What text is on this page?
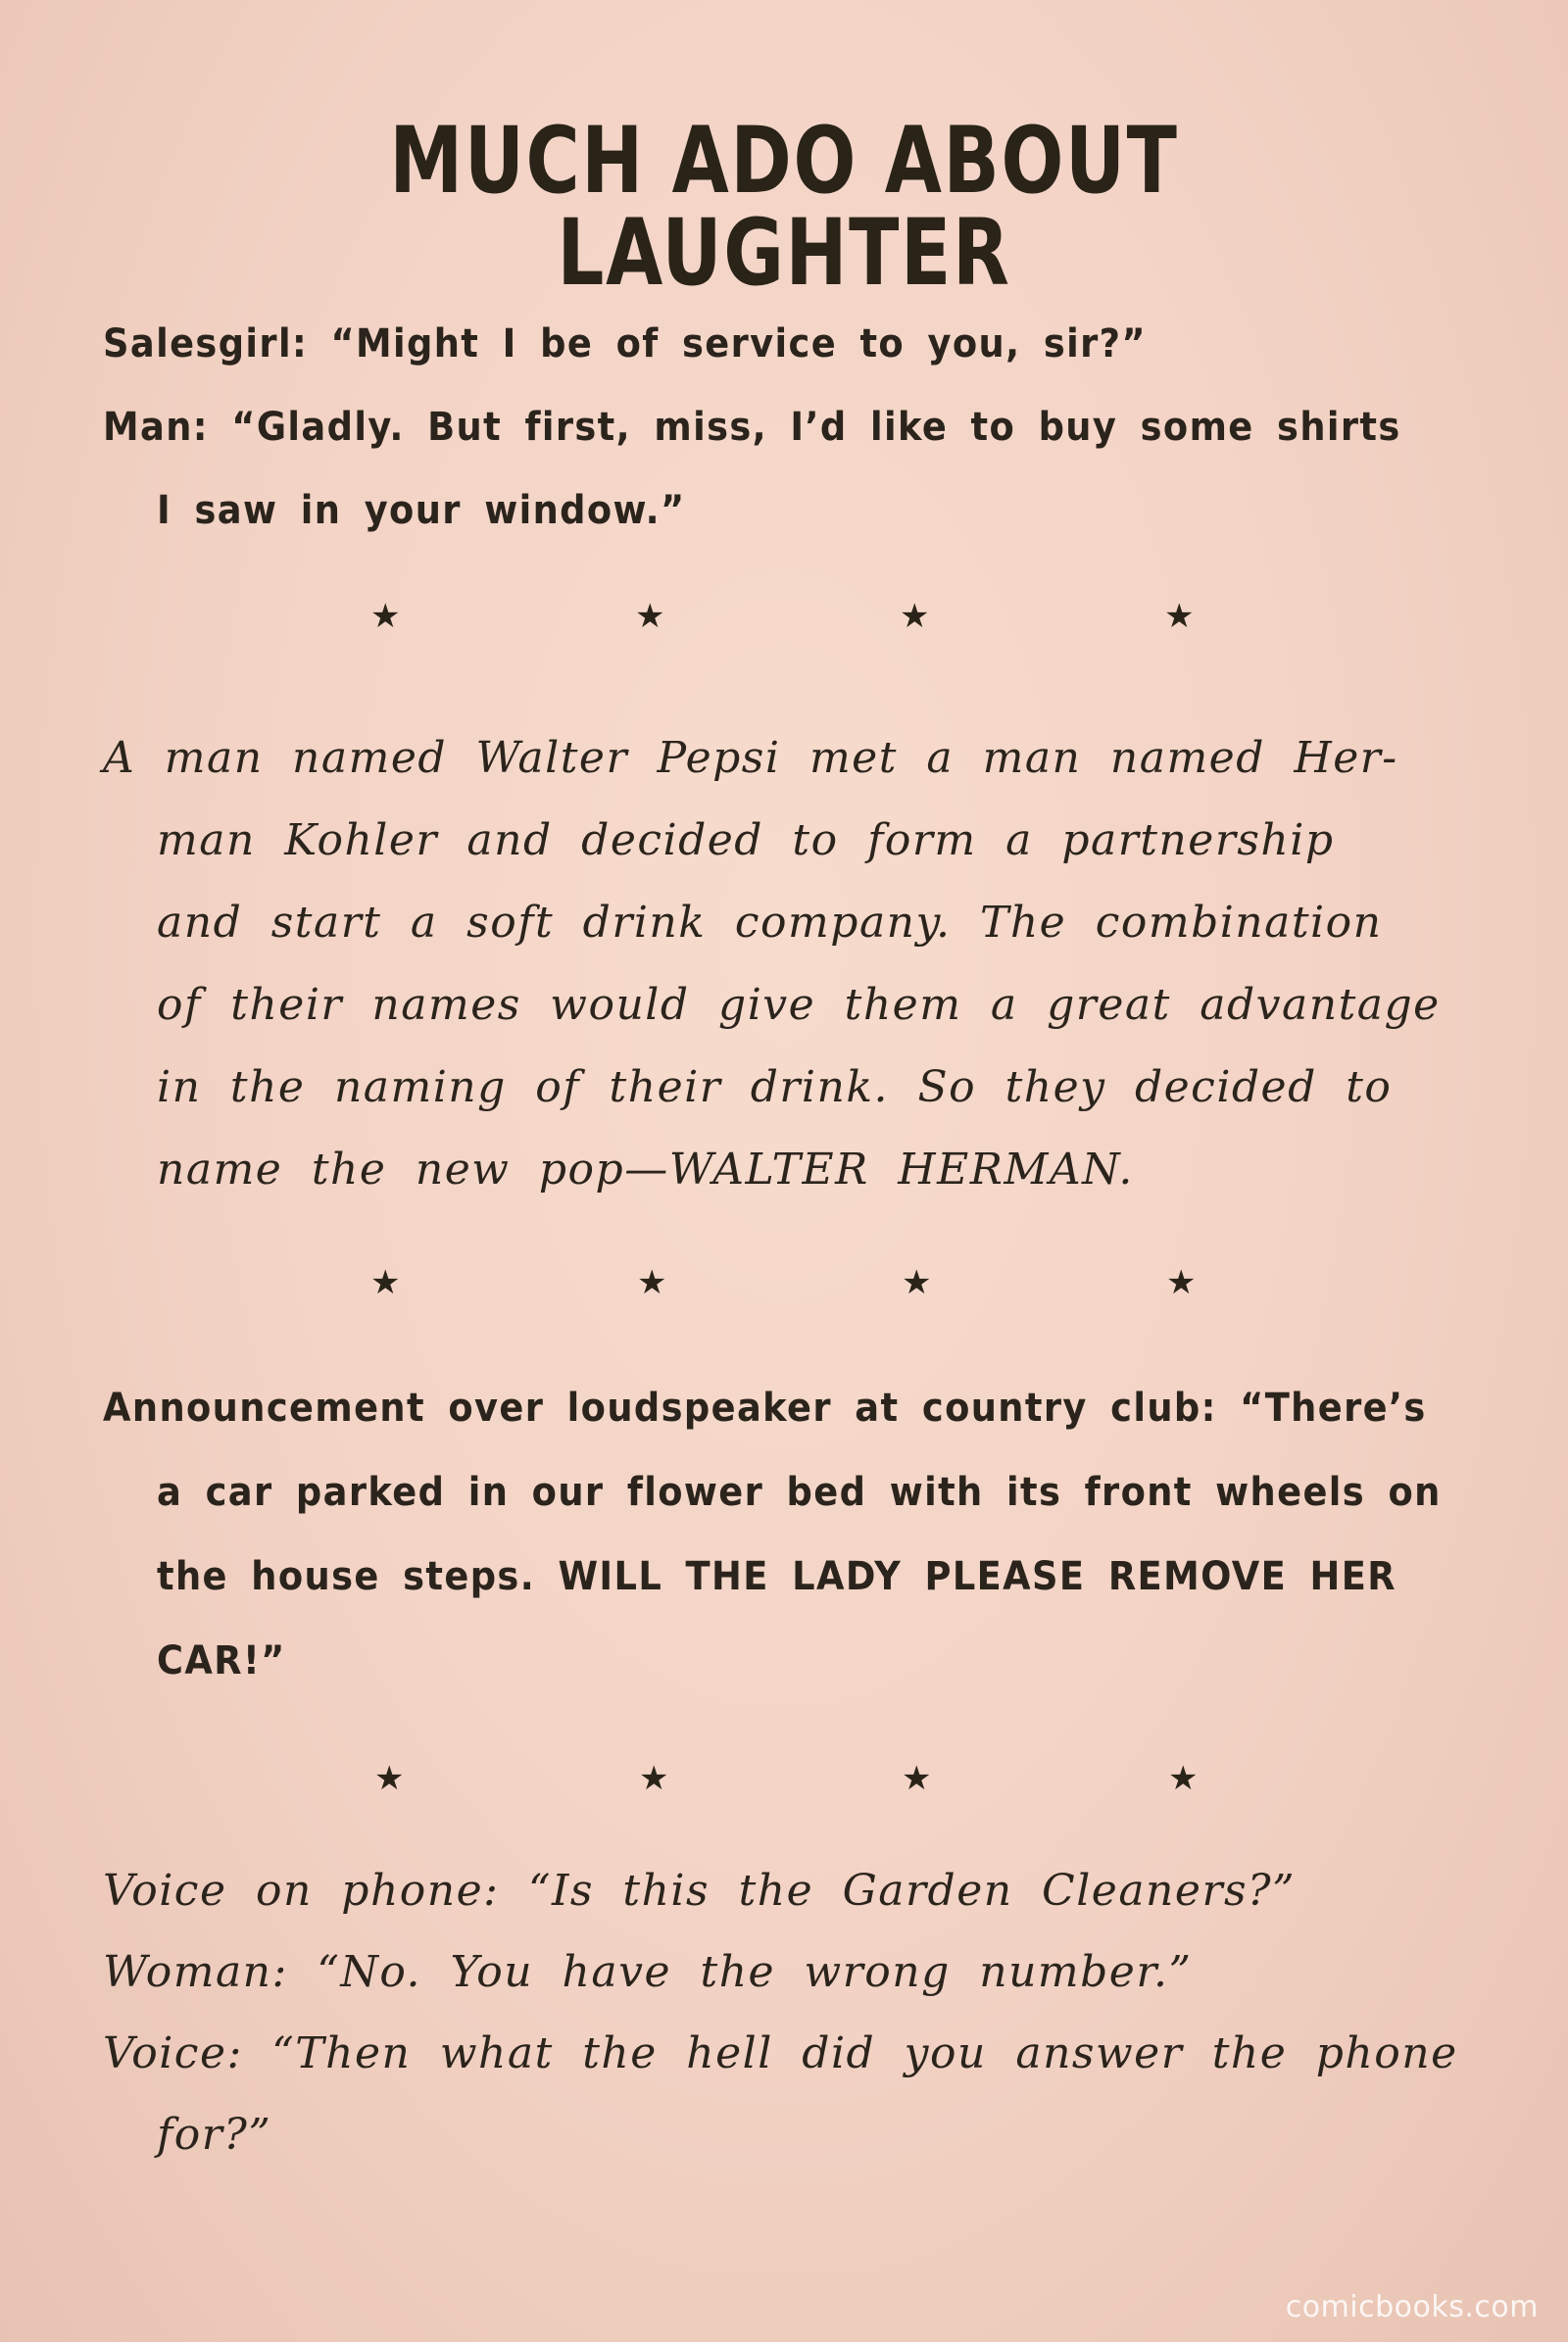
MUCH ADO ABOUT LAUGHTER

Salesgirl: “Might I be of service to you, sir?”

Man: “Gladly. But first, miss, I’d like to buy some shirts

I saw in your window.”

★	★	★	★

A man named Walter Pepsi met a man named Her-

man Kohler and decided to form a partnership

and start a soft drink company. The combination

of their names would give them a great advantage

in the naming of their drink. So they decided to

name the new pop—WALTER HERMAN.

★	★	★	★

Announcement over loudspeaker at country club: “There’s

a car parked in our flower bed with its front wheels on

the house steps. WILL THE LADY PLEASE REMOVE HER

CAR!”

★	★	★	★

Voice on phone: “Is this the Garden Cleaners?”

Woman: “No. You have the wrong number.”

Voice: “Then what the hell did you answer the phone

for?”

comicbooks.com
